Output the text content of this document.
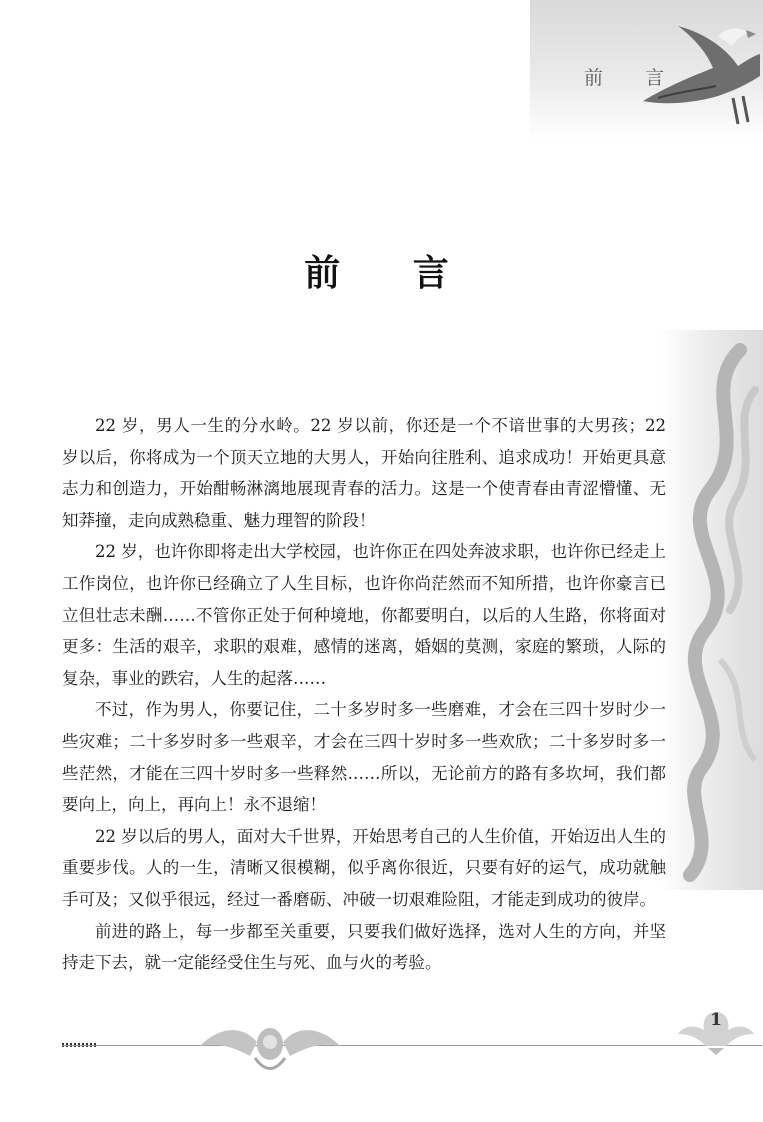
前 言
前 言

22 岁，男人一生的分水岭。22 岁以前，你还是一个不谙世事的大男孩；22 岁以后，你将成为一个顶天立地的大男人，开始向往胜利、追求成功！开始更具意志力和创造力，开始酣畅淋漓地展现青春的活力。这是一个使青春由青涩懵懂、无知莽撞，走向成熟稳重、魅力理智的阶段！

22 岁，也许你即将走出大学校园，也许你正在四处奔波求职，也许你已经走上工作岗位，也许你已经确立了人生目标，也许你尚茫然而不知所措，也许你豪言已立但壮志未酬……不管你正处于何种境地，你都要明白，以后的人生路，你将面对更多：生活的艰辛，求职的艰难，感情的迷离，婚姻的莫测，家庭的繁琐，人际的复杂，事业的跌宕，人生的起落……

不过，作为男人，你要记住，二十多岁时多一些磨难，才会在三四十岁时少一些灾难；二十多岁时多一些艰辛，才会在三四十岁时多一些欢欣；二十多岁时多一些茫然，才能在三四十岁时多一些释然……所以，无论前方的路有多坎坷，我们都要向上，向上，再向上！永不退缩！

22 岁以后的男人，面对大千世界，开始思考自己的人生价值，开始迈出人生的重要步伐。人的一生，清晰又很模糊，似乎离你很近，只要有好的运气，成功就触手可及；又似乎很远，经过一番磨砺、冲破一切艰难险阻，才能走到成功的彼岸。

前进的路上，每一步都至关重要，只要我们做好选择，选对人生的方向，并坚持走下去，就一定能经受住生与死、血与火的考验。

1
